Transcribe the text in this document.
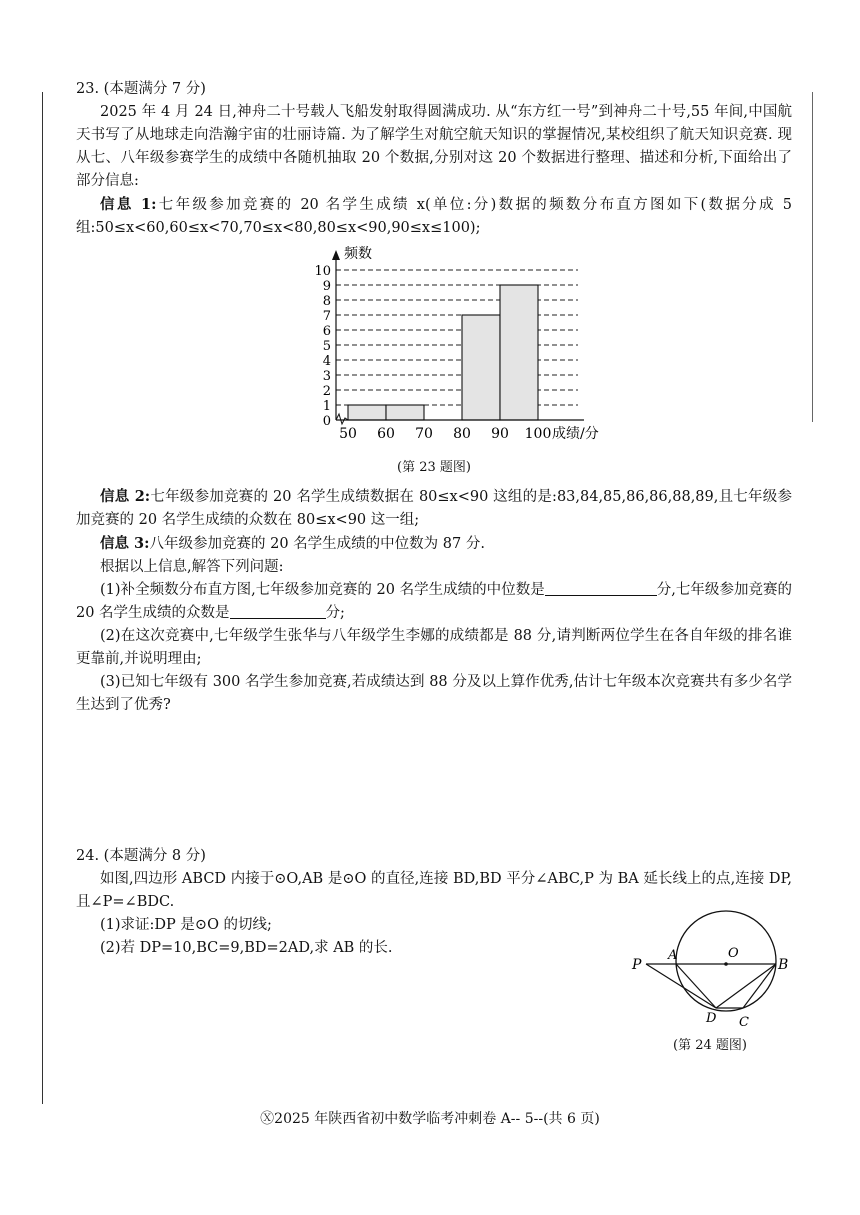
23. (本题满分 7 分)

2025 年 4 月 24 日,神舟二十号载人飞船发射取得圆满成功. 从“东方红一号”到神舟二十号,55 年间,中国航天书写了从地球走向浩瀚宇宙的壮丽诗篇. 为了解学生对航空航天知识的掌握情况,某校组织了航天知识竞赛. 现从七、八年级参赛学生的成绩中各随机抽取 20 个数据,分别对这 20 个数据进行整理、描述和分析,下面给出了部分信息:

信息 1:七年级参加竞赛的 20 名学生成绩 x(单位:分)数据的频数分布直方图如下(数据分成 5 组:50≤x<60,60≤x<70,70≤x<80,80≤x<90,90≤x≤100);

0
1
2
3
4
5
6
7
8
9
10
50 60 70 80 90 100
频数
成绩/分
(第 23 题图)

信息 2:七年级参加竞赛的 20 名学生成绩数据在 80≤x<90 这组的是:83,84,85,86,86,88,89,且七年级参加竞赛的 20 名学生成绩的众数在 80≤x<90 这一组;

信息 3:八年级参加竞赛的 20 名学生成绩的中位数为 87 分.

根据以上信息,解答下列问题:

(1)补全频数分布直方图,七年级参加竞赛的 20 名学生成绩的中位数是	分,七年级参加竞赛的 20 名学生成绩的众数是	分;

(2)在这次竞赛中,七年级学生张华与八年级学生李娜的成绩都是 88 分,请判断两位学生在各自年级的排名谁更靠前,并说明理由;

(3)已知七年级有 300 名学生参加竞赛,若成绩达到 88 分及以上算作优秀,估计七年级本次竞赛共有多少名学生达到了优秀?

24. (本题满分 8 分)

如图,四边形 ABCD 内接于⊙O,AB 是⊙O 的直径,连接 BD,BD 平分∠ABC,P 为 BA 延长线上的点,连接 DP,且∠P=∠BDC.

(1)求证:DP 是⊙O 的切线;

(2)若 DP=10,BC=9,BD=2AD,求 AB 的长.

P
A	O
B
D C
(第 24 题图)
Ⓧ2025 年陕西省初中数学临考冲刺卷 A-- 5--(共 6 页)
